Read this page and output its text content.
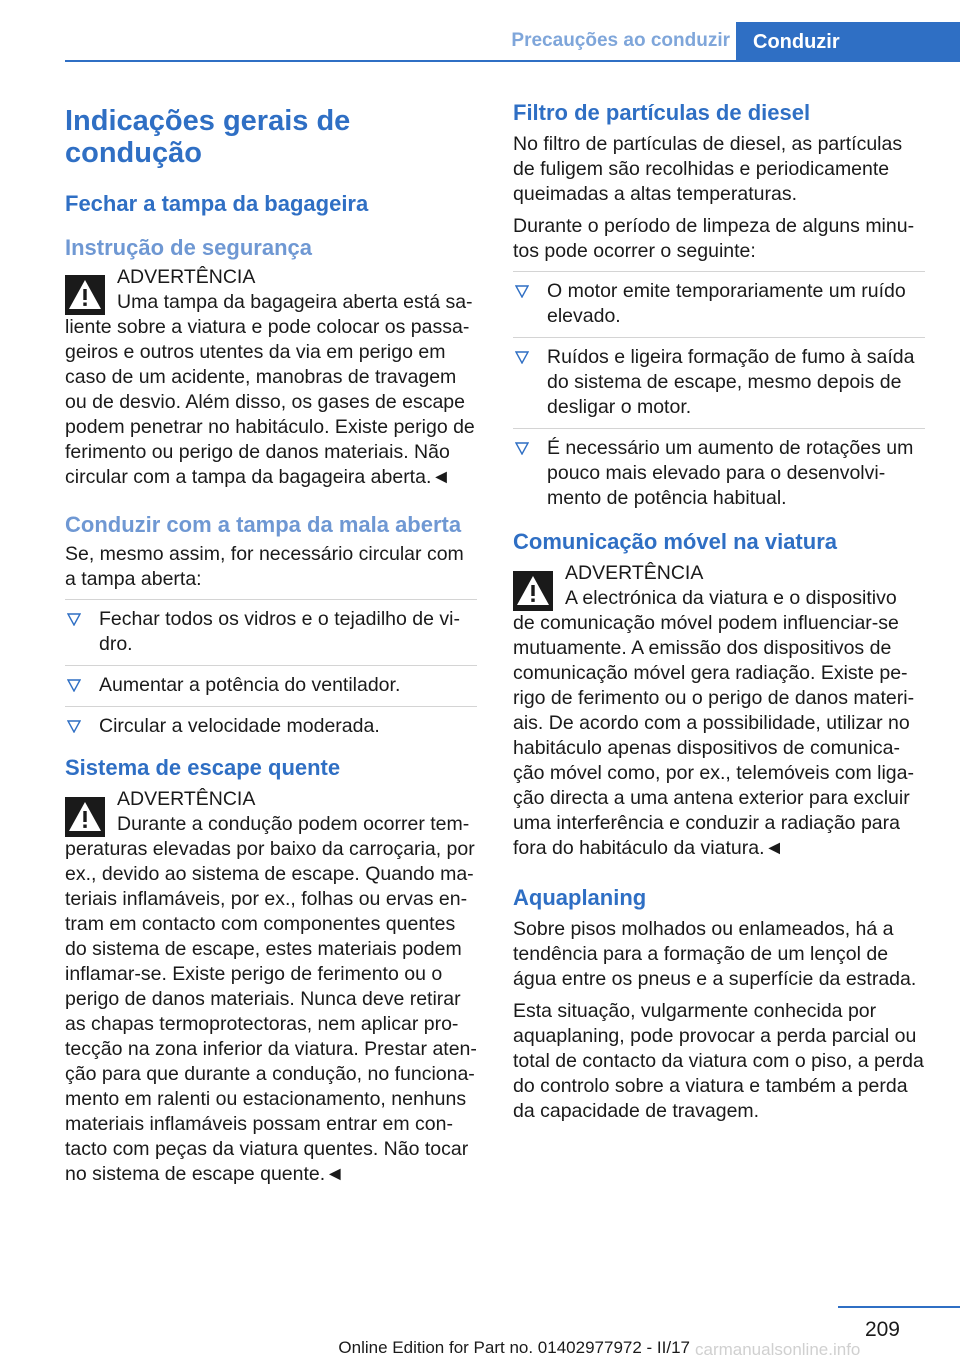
Precauções ao conduzir	Conduzir
Indicações gerais de condução
Fechar a tampa da bagageira
Instrução de segurança
ADVERTÊNCIA
Uma tampa da bagageira aberta está sa-
liente sobre a viatura e pode colocar os passa-geiros e outros utentes da via em perigo em caso de um acidente, manobras de travagem ou de desvio. Além disso, os gases de escape podem penetrar no habitáculo. Existe perigo de ferimento ou perigo de danos materiais. Não circular com a tampa da bagageira aberta.◄
Conduzir com a tampa da mala aberta

Se, mesmo assim, for necessário circular com a tampa aberta:

Fechar todos os vidros e o tejadilho de vi-dro.
Aumentar a potência do ventilador.
Circular a velocidade moderada.
Sistema de escape quente
ADVERTÊNCIA
Durante a condução podem ocorrer tem-
peraturas elevadas por baixo da carroçaria, por ex., devido ao sistema de escape. Quando ma-teriais inflamáveis, por ex., folhas ou ervas en-tram em contacto com componentes quentes do sistema de escape, estes materiais podem inflamar-se. Existe perigo de ferimento ou o perigo de danos materiais. Nunca deve retirar as chapas termoprotectoras, nem aplicar pro-tecção na zona inferior da viatura. Prestar aten-ção para que durante a condução, no funciona-mento em ralenti ou estacionamento, nenhuns materiais inflamáveis possam entrar em con-tacto com peças da viatura quentes. Não tocar no sistema de escape quente.◄
Filtro de partículas de diesel

No filtro de partículas de diesel, as partículas de fuligem são recolhidas e periodicamente queimadas a altas temperaturas.

Durante o período de limpeza de alguns minu-tos pode ocorrer o seguinte:

O motor emite temporariamente um ruído elevado.
Ruídos e ligeira formação de fumo à saída do sistema de escape, mesmo depois de desligar o motor.
É necessário um aumento de rotações um pouco mais elevado para o desenvolvi-mento de potência habitual.
Comunicação móvel na viatura
ADVERTÊNCIA
A electrónica da viatura e o dispositivo
de comunicação móvel podem influenciar-se mutuamente. A emissão dos dispositivos de comunicação móvel gera radiação. Existe pe-rigo de ferimento ou o perigo de danos materi-ais. De acordo com a possibilidade, utilizar no habitáculo apenas dispositivos de comunica-ção móvel como, por ex., telemóveis com liga-ção directa a uma antena exterior para excluir uma interferência e conduzir a radiação para fora do habitáculo da viatura.◄
Aquaplaning

Sobre pisos molhados ou enlameados, há a tendência para a formação de um lençol de água entre os pneus e a superfície da estrada.

Esta situação, vulgarmente conhecida por aquaplaning, pode provocar a perda parcial ou total de contacto da viatura com o piso, a perda do controlo sobre a viatura e também a perda da capacidade de travagem.

209
Online Edition for Part no. 01402977972 - II/17 carmanualsonline.info
